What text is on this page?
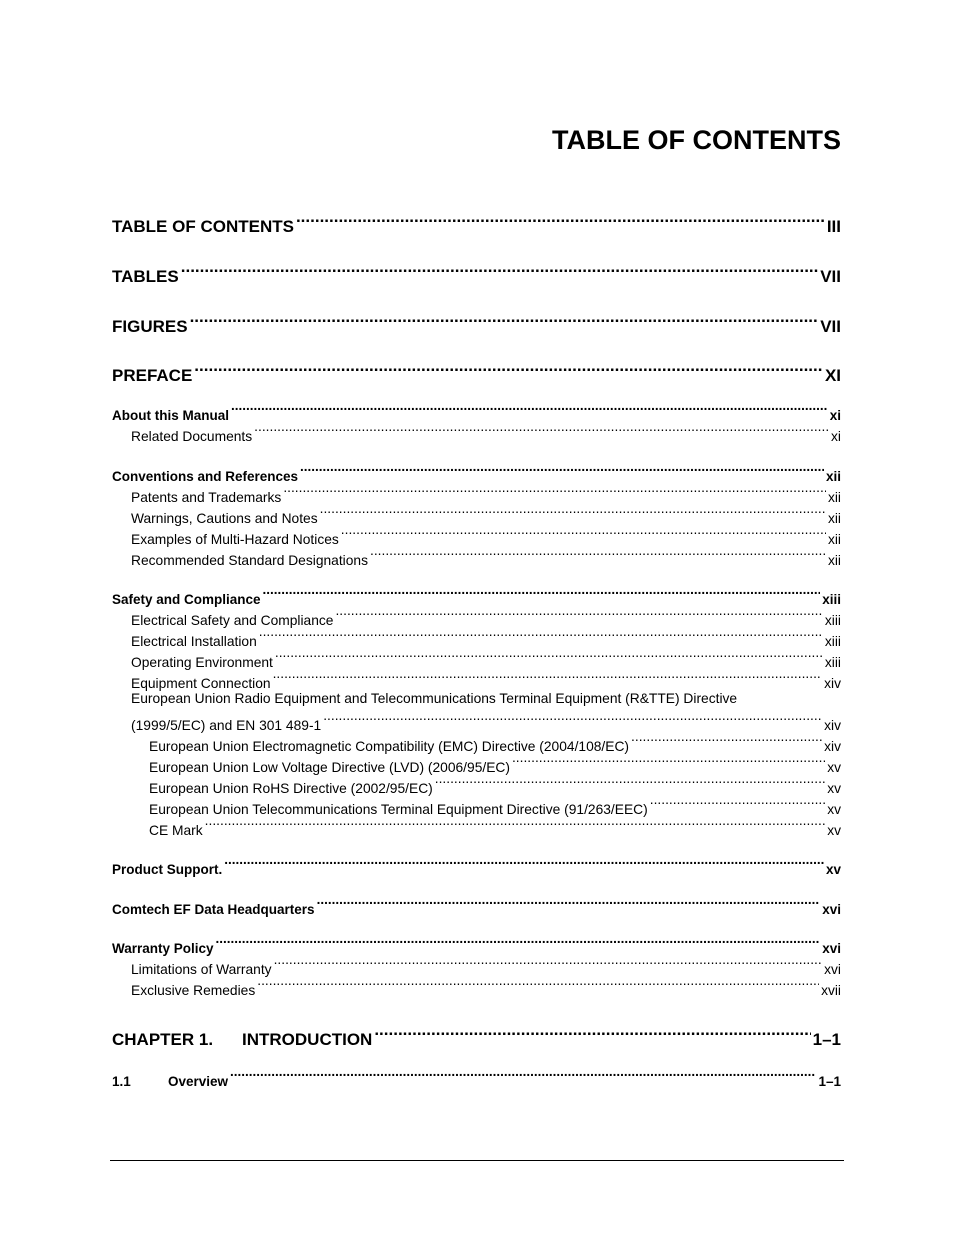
TABLE OF CONTENTS
TABLE OF CONTENTS .....	III
TABLES .....	VII
FIGURES .....	VII
PREFACE .....	XI
About this Manual .....	xi
Related Documents .....	xi
Conventions and References .....	xii
Patents and Trademarks .....	xii
Warnings, Cautions and Notes .....	xii
Examples of Multi-Hazard Notices .....	xii
Recommended Standard Designations .....	xii
Safety and Compliance .....	xiii
Electrical Safety and Compliance .....	xiii
Electrical Installation .....	xiii
Operating Environment .....	xiii
Equipment Connection .....	xiv
European Union Radio Equipment and Telecommunications Terminal Equipment (R&TTE) Directive
(1999/5/EC) and EN 301 489-1 .....	xiv
European Union Electromagnetic Compatibility (EMC) Directive (2004/108/EC) .....	xiv
European Union Low Voltage Directive (LVD) (2006/95/EC) .....	xv
European Union RoHS Directive (2002/95/EC) .....	xv
European Union Telecommunications Terminal Equipment Directive (91/263/EEC) .....	xv
CE Mark .....	xv
Product Support. .....	xv
Comtech EF Data Headquarters .....	xvi
Warranty Policy .....	xvi
Limitations of Warranty .....	xvi
Exclusive Remedies .....	xvii
CHAPTER 1. INTRODUCTION .....	1–1
1.1	Overview .....	1–1
